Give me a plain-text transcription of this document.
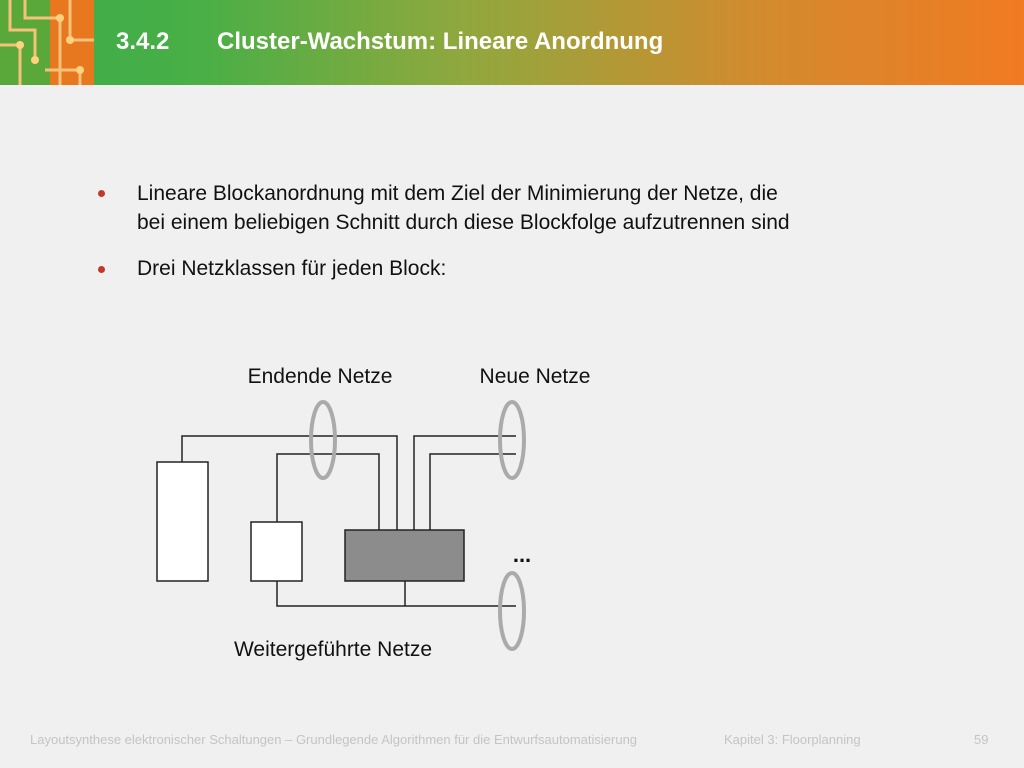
3.4.2 Cluster-Wachstum: Lineare Anordnung

Lineare Blockanordnung mit dem Ziel der Minimierung der Netze, die

bei einem beliebigen Schnitt durch diese Blockfolge aufzutrennen sind

Drei Netzklassen für jeden Block:

Endende Netze	Neue Netze
Weitergeführte Netze
...
Layoutsynthese elektronischer Schaltungen – Grundlegende Algorithmen für die Entwurfsautomatisierung	Kapitel 3: Floorplanning	59
